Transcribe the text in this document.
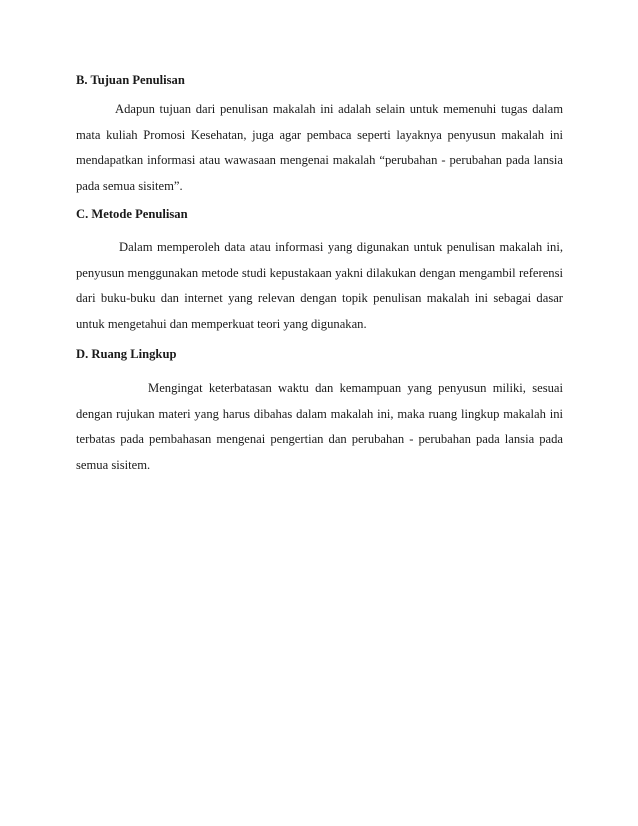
B. Tujuan Penulisan

Adapun tujuan dari penulisan makalah ini adalah selain untuk memenuhi tugas dalam mata kuliah Promosi Kesehatan, juga agar pembaca seperti layaknya penyusun makalah ini mendapatkan informasi atau wawasaan mengenai makalah “perubahan - perubahan pada lansia pada semua sisitem”.

C. Metode Penulisan

Dalam memperoleh data atau informasi yang digunakan untuk penulisan makalah ini, penyusun menggunakan metode studi kepustakaan yakni dilakukan dengan mengambil referensi dari buku-buku dan internet yang relevan dengan topik penulisan makalah ini sebagai dasar untuk mengetahui dan memperkuat teori yang digunakan.

D. Ruang Lingkup

Mengingat keterbatasan waktu dan kemampuan yang penyusun miliki, sesuai dengan rujukan materi yang harus dibahas dalam makalah ini, maka ruang lingkup makalah ini terbatas pada pembahasan mengenai pengertian dan perubahan - perubahan pada lansia pada semua sisitem.
